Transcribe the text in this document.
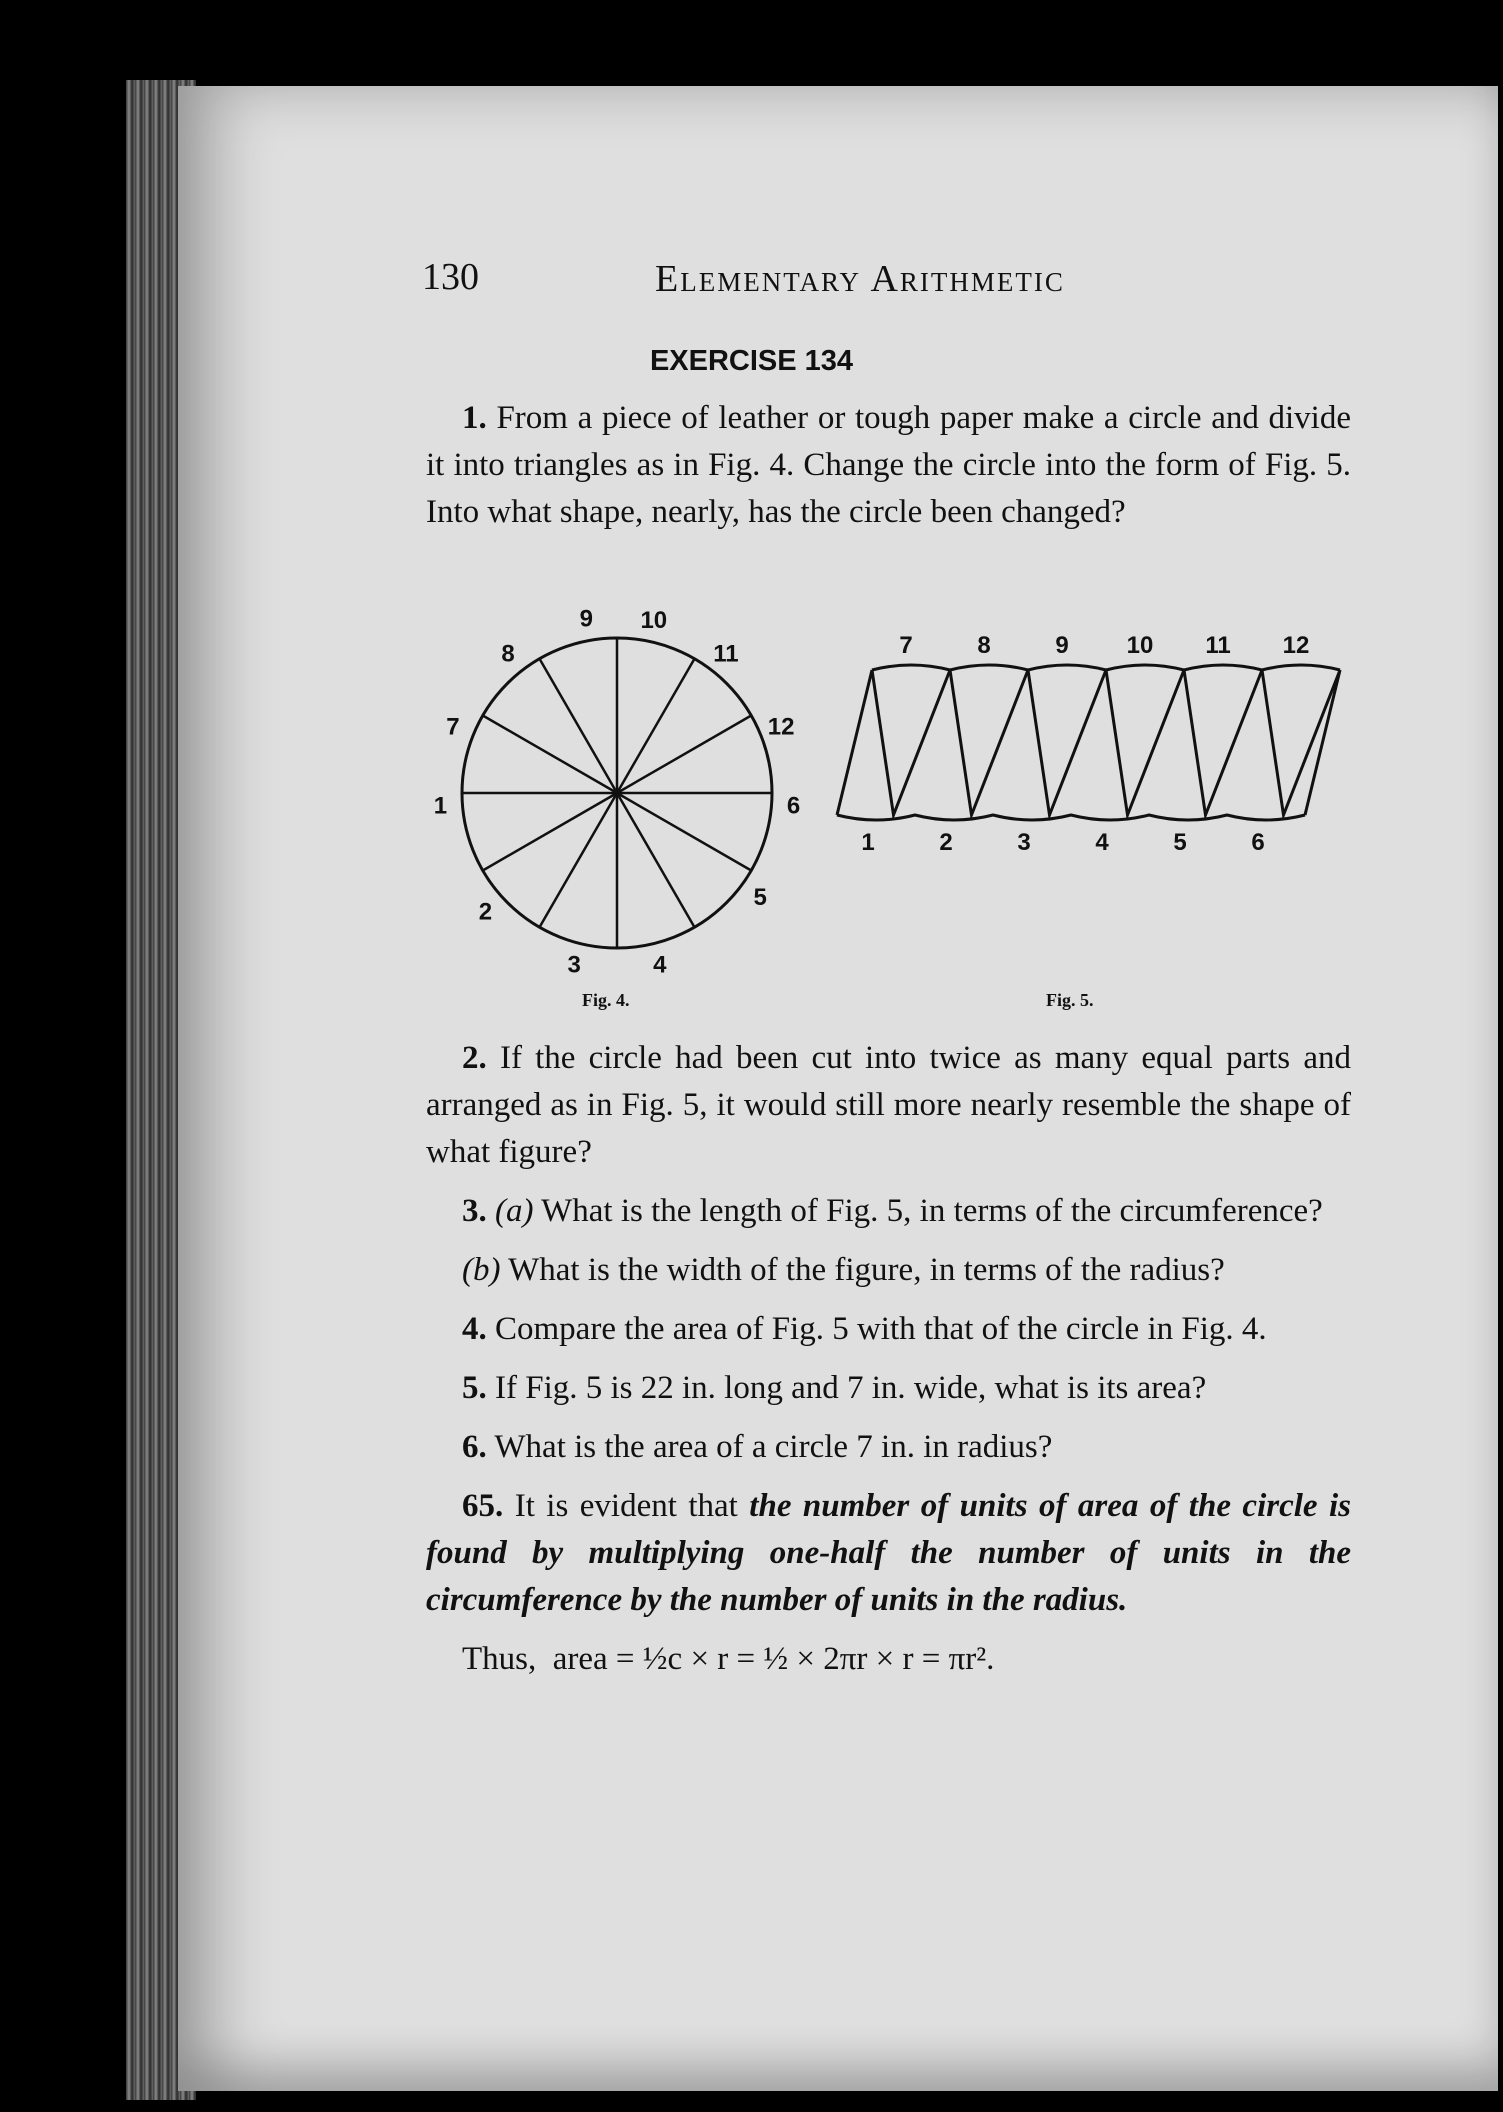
130	Elementary Arithmetic
EXERCISE 134

1. From a piece of leather or tough paper make a circle and divide it into triangles as in Fig. 4. Change the circle into the form of Fig. 5. Into what shape, nearly, has the circle been changed?

9 10
8	11
7	12
1	6
2
5
3	4
Fig. 4.
7	8	9 10 11 12
1	2	3	4	5	6
Fig. 5.

2. If the circle had been cut into twice as many equal parts and arranged as in Fig. 5, it would still more nearly resemble the shape of what figure?

3. (a) What is the length of Fig. 5, in terms of the circumference?

(b) What is the width of the figure, in terms of the radius?

4. Compare the area of Fig. 5 with that of the circle in Fig. 4.

5. If Fig. 5 is 22 in. long and 7 in. wide, what is its area?

6. What is the area of a circle 7 in. in radius?

65. It is evident that the number of units of area of the circle is found by multiplying one-half the number of units in the circumference by the number of units in the radius.

Thus, area = ½c × r = ½ × 2πr × r = πr².
